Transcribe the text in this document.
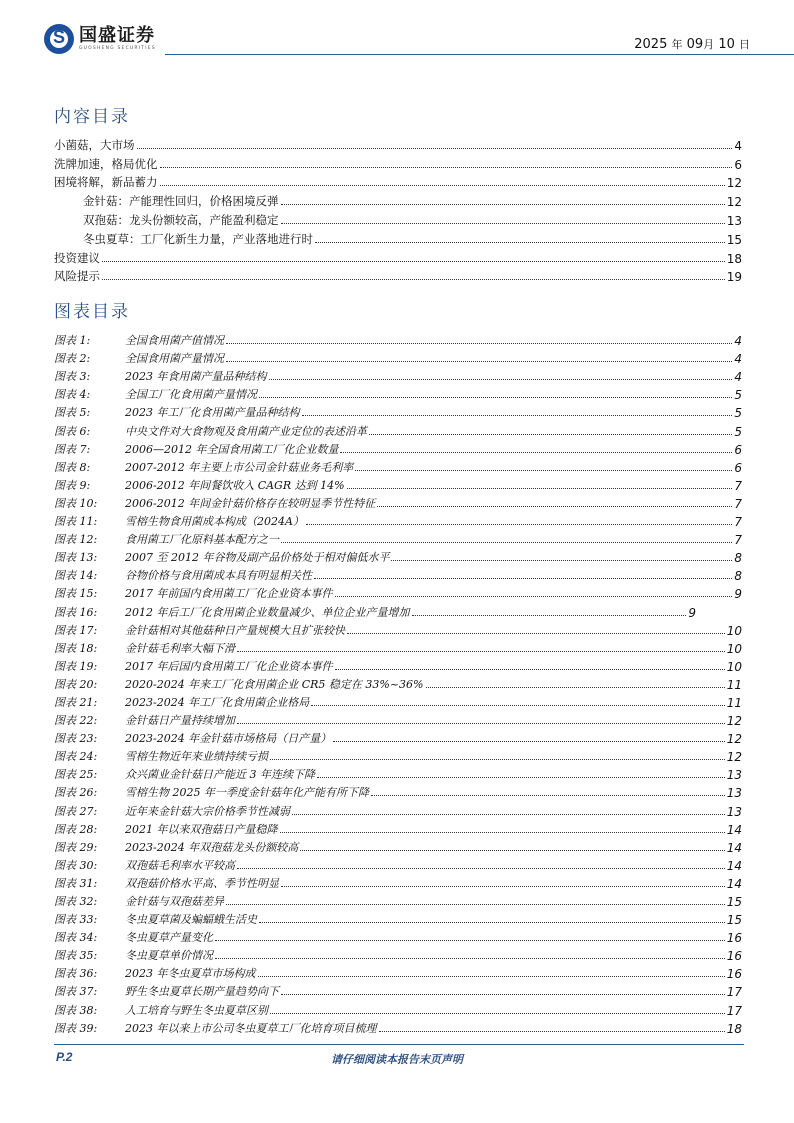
S
国盛证券
GUOSHENG SECURITIES	2025 年 09月 10 日
内容目录
小菌菇，大市场	4
洗牌加速，格局优化	6
困境将解，新品蓄力	12
金针菇：产能理性回归，价格困境反弹	12
双孢菇：龙头份额较高，产能盈利稳定	13
冬虫夏草：工厂化新生力量，产业落地进行时	15
投资建议	18
风险提示	19
图表目录
图表 1:	全国食用菌产值情况	4
图表 2:	全国食用菌产量情况	4
图表 3:	2023 年食用菌产量品种结构	4
图表 4:	全国工厂化食用菌产量情况	5
图表 5:	2023 年工厂化食用菌产量品种结构	5
图表 6:	中央文件对大食物观及食用菌产业定位的表述沿革	5
图表 7:	2006—2012 年全国食用菌工厂化企业数量	6
图表 8:	2007-2012 年主要上市公司金针菇业务毛利率	6
图表 9:	2006-2012 年间餐饮收入 CAGR 达到 14%	7
图表 10:	2006-2012 年间金针菇价格存在较明显季节性特征	7
图表 11:	雪榕生物食用菌成本构成（2024A）	7
图表 12:	食用菌工厂化原料基本配方之一	7
图表 13:	2007 至 2012 年谷物及副产品价格处于相对偏低水平	8
图表 14:	谷物价格与食用菌成本具有明显相关性	8
图表 15:	2017 年前国内食用菌工厂化企业资本事件	9
图表 16:	2012 年后工厂化食用菌企业数量减少、单位企业产量增加	9
图表 17:	金针菇相对其他菇种日产量规模大且扩张较快	10
图表 18:	金针菇毛利率大幅下滑	10
图表 19:	2017 年后国内食用菌工厂化企业资本事件	10
图表 20:	2020-2024 年来工厂化食用菌企业 CR5 稳定在 33%~36%	11
图表 21:	2023-2024 年工厂化食用菌企业格局	11
图表 22:	金针菇日产量持续增加	12
图表 23:	2023-2024 年金针菇市场格局（日产量）	12
图表 24:	雪榕生物近年来业绩持续亏损	12
图表 25:	众兴菌业金针菇日产能近 3 年连续下降	13
图表 26:	雪榕生物 2025 年一季度金针菇年化产能有所下降	13
图表 27:	近年来金针菇大宗价格季节性减弱	13
图表 28:	2021 年以来双孢菇日产量稳降	14
图表 29:	2023-2024 年双孢菇龙头份额较高	14
图表 30:	双孢菇毛利率水平较高	14
图表 31:	双孢菇价格水平高、季节性明显	14
图表 32:	金针菇与双孢菇差异	15
图表 33:	冬虫夏草菌及蝙蝠蛾生活史	15
图表 34:	冬虫夏草产量变化	16
图表 35:	冬虫夏草单价情况	16
图表 36:	2023 年冬虫夏草市场构成	16
图表 37:	野生冬虫夏草长期产量趋势向下	17
图表 38:	人工培育与野生冬虫夏草区别	17
图表 39:	2023 年以来上市公司冬虫夏草工厂化培育项目梳理	18
P.2	请仔细阅读本报告末页声明
